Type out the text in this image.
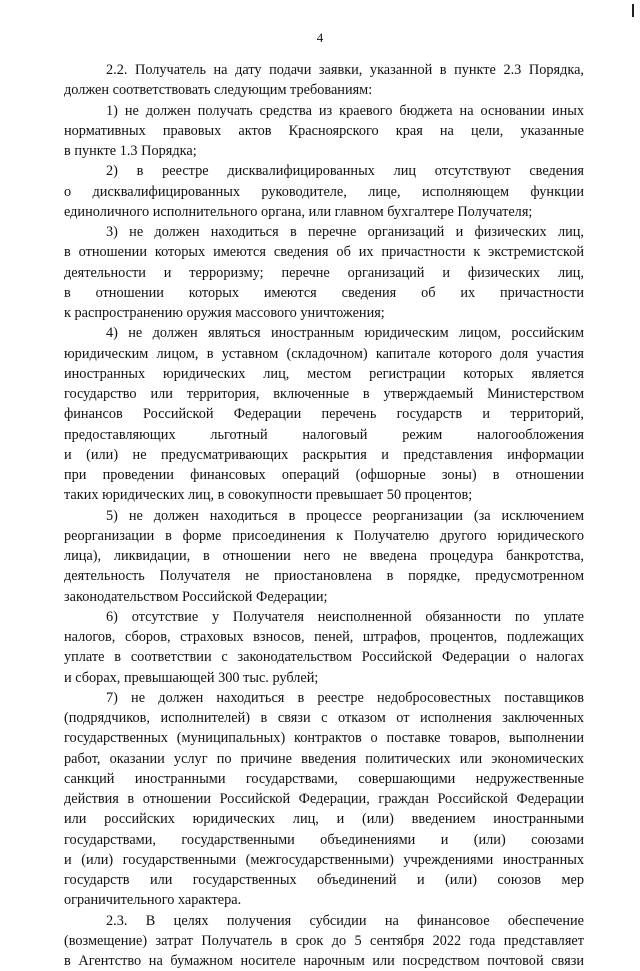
4
2.2. Получатель на дату подачи заявки, указанной в пункте 2.3 Порядка,
должен соответствовать следующим требованиям:
1) не должен получать средства из краевого бюджета на основании иных
нормативных правовых актов Красноярского края на цели, указанные
в пункте 1.3 Порядка;
2) в реестре дисквалифицированных лиц отсутствуют сведения
о дисквалифицированных руководителе, лице, исполняющем функции
единоличного исполнительного органа, или главном бухгалтере Получателя;
3) не должен находиться в перечне организаций и физических лиц,
в отношении которых имеются сведения об их причастности к экстремистской
деятельности и терроризму; перечне организаций и физических лиц,
в отношении которых имеются сведения об их причастности
к распространению оружия массового уничтожения;
4) не должен являться иностранным юридическим лицом, российским
юридическим лицом, в уставном (складочном) капитале которого доля участия
иностранных юридических лиц, местом регистрации которых является
государство или территория, включенные в утверждаемый Министерством
финансов Российской Федерации перечень государств и территорий,
предоставляющих льготный налоговый режим налогообложения
и (или) не предусматривающих раскрытия и представления информации
при проведении финансовых операций (офшорные зоны) в отношении
таких юридических лиц, в совокупности превышает 50 процентов;
5) не должен находиться в процессе реорганизации (за исключением
реорганизации в форме присоединения к Получателю другого юридического
лица), ликвидации, в отношении него не введена процедура банкротства,
деятельность Получателя не приостановлена в порядке, предусмотренном
законодательством Российской Федерации;
6) отсутствие у Получателя неисполненной обязанности по уплате
налогов, сборов, страховых взносов, пеней, штрафов, процентов, подлежащих
уплате в соответствии с законодательством Российской Федерации о налогах
и сборах, превышающей 300 тыс. рублей;
7) не должен находиться в реестре недобросовестных поставщиков
(подрядчиков, исполнителей) в связи с отказом от исполнения заключенных
государственных (муниципальных) контрактов о поставке товаров, выполнении
работ, оказании услуг по причине введения политических или экономических
санкций иностранными государствами, совершающими недружественные
действия в отношении Российской Федерации, граждан Российской Федерации
или российских юридических лиц, и (или) введением иностранными
государствами, государственными объединениями и (или) союзами
и (или) государственными (межгосударственными) учреждениями иностранных
государств или государственных объединений и (или) союзов мер
ограничительного характера.
2.3. В целях получения субсидии на финансовое обеспечение
(возмещение) затрат Получатель в срок до 5 сентября 2022 года представляет
в Агентство на бумажном носителе нарочным или посредством почтовой связи
